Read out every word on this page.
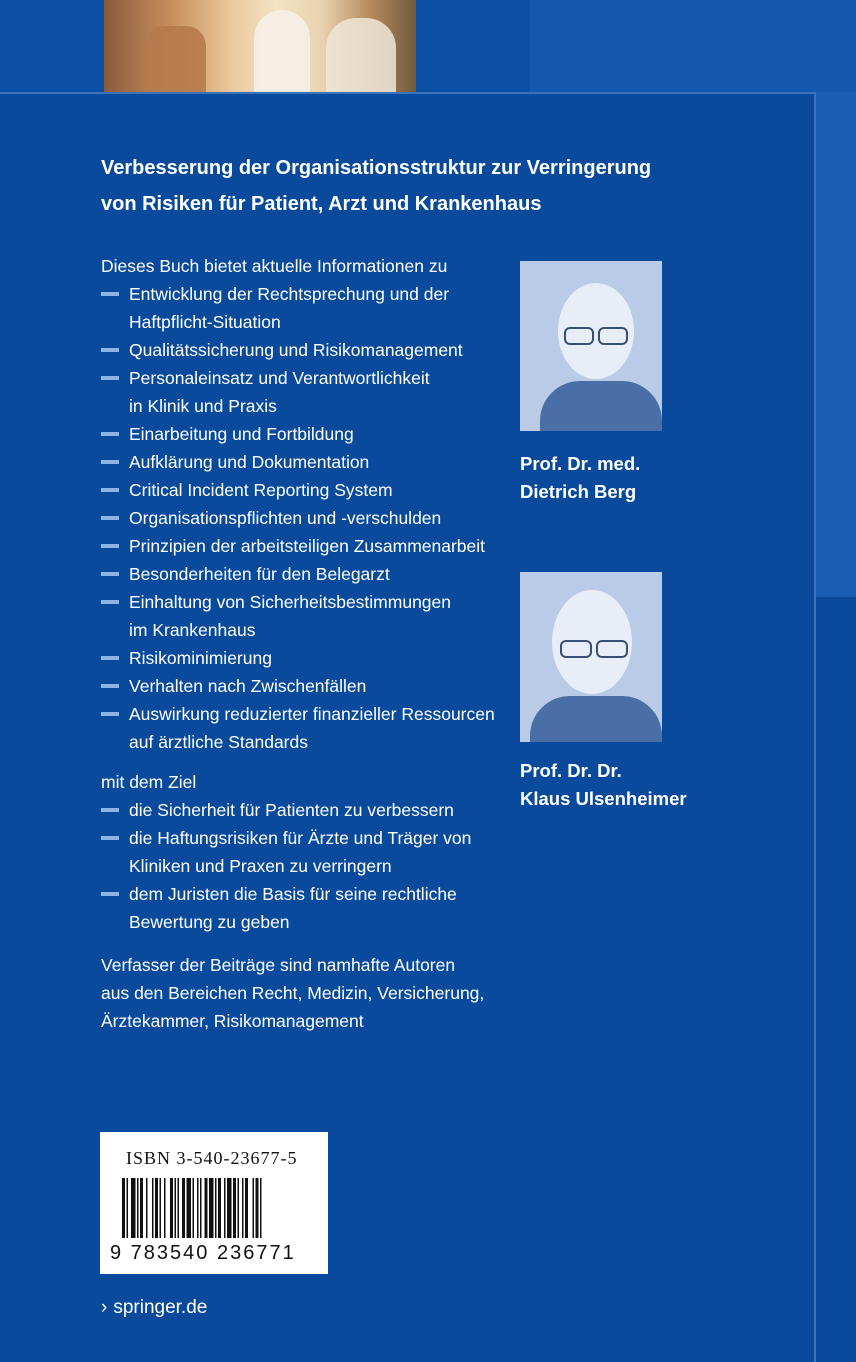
Verbesserung der Organisationsstruktur zur Verringerung
von Risiken für Patient, Arzt und Krankenhaus
Dieses Buch bietet aktuelle Informationen zu
Entwicklung der Rechtsprechung und der
Haftpflicht-Situation
Qualitätssicherung und Risikomanagement
Personaleinsatz und Verantwortlichkeit
in Klinik und Praxis
Einarbeitung und Fortbildung
Aufklärung und Dokumentation
Critical Incident Reporting System
Organisationspflichten und -verschulden
Prinzipien der arbeitsteiligen Zusammenarbeit
Besonderheiten für den Belegarzt
Einhaltung von Sicherheitsbestimmungen
im Krankenhaus
Risikominimierung
Verhalten nach Zwischenfällen
Auswirkung reduzierter finanzieller Ressourcen
auf ärztliche Standards
mit dem Ziel
die Sicherheit für Patienten zu verbessern
die Haftungsrisiken für Ärzte und Träger von
Kliniken und Praxen zu verringern
dem Juristen die Basis für seine rechtliche
Bewertung zu geben
Verfasser der Beiträge sind namhafte Autoren
aus den Bereichen Recht, Medizin, Versicherung,
Ärztekammer, Risikomanagement
Prof. Dr. med.
Dietrich Berg
Prof. Dr. Dr.
Klaus Ulsenheimer
ISBN 3-540-23677-5
9 783540 236771
› springer.de
